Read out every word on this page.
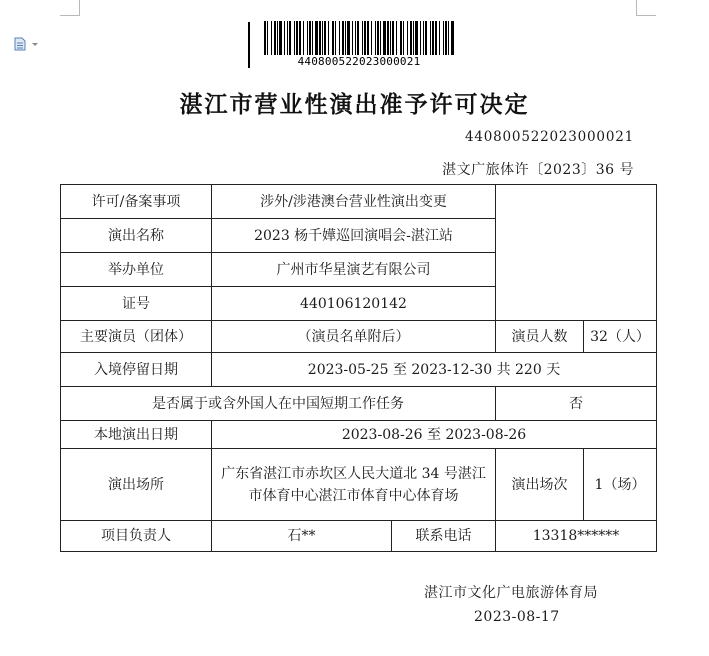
440800522023000021
湛江市营业性演出准予许可决定
440800522023000021
湛文广旅体许〔2023〕36 号
许可/备案事项	涉外/涉港澳台营业性演出变更			
演出名称	2023 杨千嬅巡回演唱会-湛江站			
举办单位	广州市华星演艺有限公司			
证号	440106120142			
主要演员（团体）	（演员名单附后）		演员人数	32（人）
入境停留日期	2023-05-25 至 2023-12-30 共 220 天			
是否属于或含外国人在中国短期工作任务			否	
本地演出日期	2023-08-26 至 2023-08-26			
演出场所	广东省湛江市赤坎区人民大道北 34 号湛江市体育中心湛江市体育中心体育场		演出场次	1（场）
项目负责人	石**	联系电话	13318******	
湛江市文化广电旅游体育局
2023-08-17
